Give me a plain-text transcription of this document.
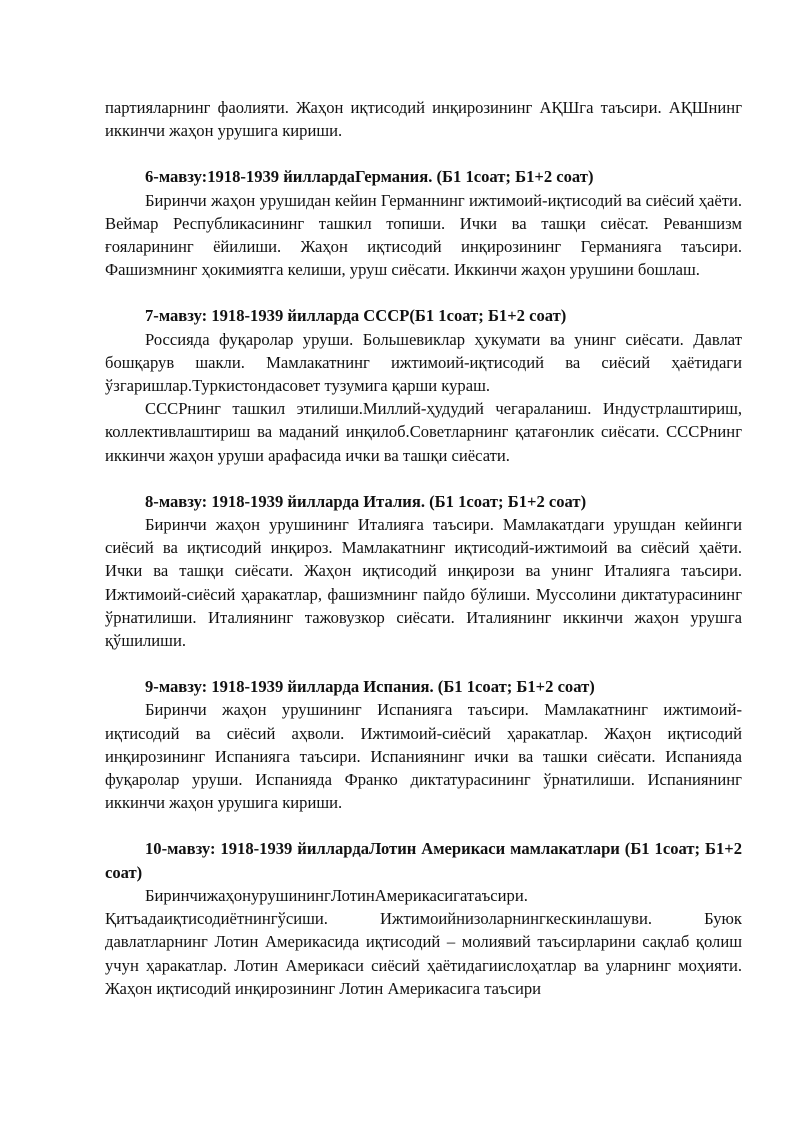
партияларнинг фаолияти. Жаҳон иқтисодий инқирозининг АҚШга таъсири. АҚШнинг иккинчи жаҳон урушига кириши.

6-мавзу:1918-1939 йиллардаГермания. (Б1 1соат; Б1+2 соат)

Биринчи жаҳон урушидан кейин Германнинг ижтимоий-иқтисодий ва сиёсий ҳаёти. Веймар Республикасининг ташкил топиши. Ички ва ташқи сиёсат. Реваншизм ғояларининг ёйилиши. Жаҳон иқтисодий инқирозининг Германияга таъсири. Фашизмнинг ҳокимиятга келиши, уруш сиёсати. Иккинчи жаҳон урушини бошлаш.

7-мавзу: 1918-1939 йилларда СССР(Б1 1соат; Б1+2 соат)

Россияда фуқаролар уруши. Большевиклар ҳукумати ва унинг сиёсати. Давлат бошқарув шакли. Мамлакатнинг ижтимоий-иқтисодий ва сиёсий ҳаётидаги ўзгаришлар.Туркистондасовет тузумига қарши кураш.

СССРнинг ташкил этилиши.Миллий-ҳудудий чегараланиш. Индустрлаштириш, коллективлаштириш ва маданий инқилоб.Советларнинг қатағонлик сиёсати. СССРнинг иккинчи жаҳон уруши арафасида ички ва ташқи сиёсати.

8-мавзу: 1918-1939 йилларда Италия. (Б1 1соат; Б1+2 соат)

Биринчи жаҳон урушининг Италияга таъсири. Мамлакатдаги урушдан кейинги сиёсий ва иқтисодий инқироз. Мамлакатнинг иқтисодий-ижтимоий ва сиёсий ҳаёти. Ички ва ташқи сиёсати. Жаҳон иқтисодий инқирози ва унинг Италияга таъсири. Ижтимоий-сиёсий ҳаракатлар, фашизмнинг пайдо бўлиши. Муссолини диктатурасининг ўрнатилиши. Италиянинг тажовузкор сиёсати. Италиянинг иккинчи жаҳон урушга қўшилиши.

9-мавзу: 1918-1939 йилларда Испания. (Б1 1соат; Б1+2 соат)

Биринчи жаҳон урушининг Испанияга таъсири. Мамлакатнинг ижтимоий-иқтисодий ва сиёсий аҳволи. Ижтимоий-сиёсий ҳаракатлар. Жаҳон иқтисодий инқирозининг Испанияга таъсири. Испаниянинг ички ва ташки сиёсати. Испанияда фуқаролар уруши. Испанияда Франко диктатурасининг ўрнатилиши. Испаниянинг иккинчи жаҳон урушига кириши.

10-мавзу: 1918-1939 йиллардаЛотин Америкаси мамлакатлари (Б1 1соат; Б1+2 соат)

БиринчижаҳонурушинингЛотинАмерикасигатаъсири. Қитъадаиқтисодиётнингўсиши. Ижтимоийнизоларнингкескинлашуви. Буюк давлатларнинг Лотин Америкасида иқтисодий – молиявий таъсирларини сақлаб қолиш учун ҳаракатлар. Лотин Америкаси сиёсий ҳаётидагиислоҳатлар ва уларнинг моҳияти. Жаҳон иқтисодий инқирозининг Лотин Америкасига таъсири
